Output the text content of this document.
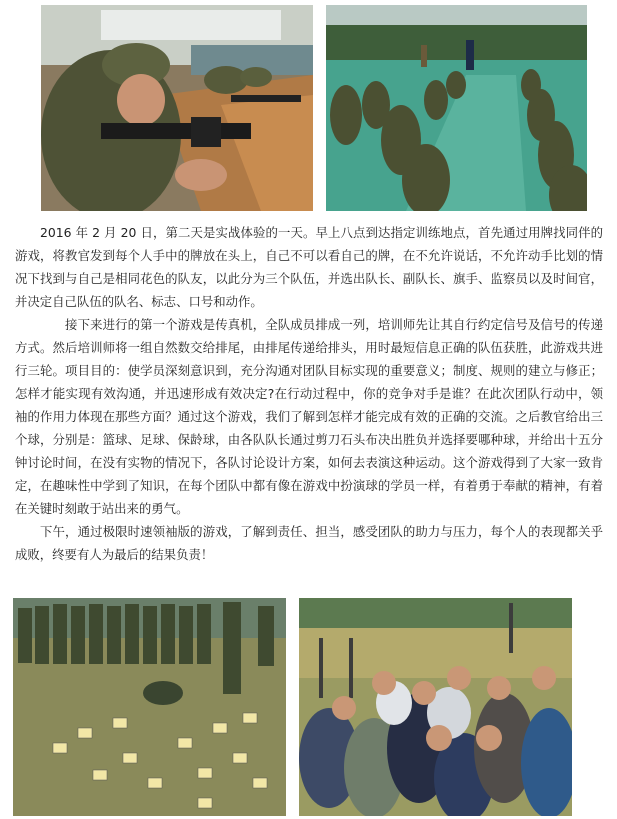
　　2016 年 2 月 20 日，第二天是实战体验的一天。早上八点到达指定训练地点，首先通过用牌找同伴的游戏，将教官发到每个人手中的牌放在头上，自己不可以看自己的牌，在不允许说话，不允许动手比划的情况下找到与自己是相同花色的队友，以此分为三个队伍，并选出队长、副队长、旗手、监察员以及时间官，并决定自己队伍的队名、标志、口号和动作。

　　　　接下来进行的第一个游戏是传真机，全队成员排成一列，培训师先让其自行约定信号及信号的传递方式。然后培训师将一组自然数交给排尾，由排尾传递给排头，用时最短信息正确的队伍获胜，此游戏共进行三轮。项目目的：使学员深刻意识到，充分沟通对团队目标实现的重要意义；制度、规则的建立与修正；怎样才能实现有效沟通，并迅速形成有效决定?在行动过程中，你的竞争对手是谁？在此次团队行动中，领袖的作用力体现在那些方面？通过这个游戏，我们了解到怎样才能完成有效的正确的交流。之后教官给出三个球，分别是：篮球、足球、保龄球，由各队队长通过剪刀石头布决出胜负并选择要哪种球，并给出十五分钟讨论时间，在没有实物的情况下，各队讨论设计方案，如何去表演这种运动。这个游戏得到了大家一致肯定，在趣味性中学到了知识，在每个团队中都有像在游戏中扮演球的学员一样，有着勇于奉献的精神，有着在关键时刻敢于站出来的勇气。

　　下午，通过极限时速领袖版的游戏，了解到责任、担当，感受团队的助力与压力，每个人的表现都关乎成败，终要有人为最后的结果负责！
